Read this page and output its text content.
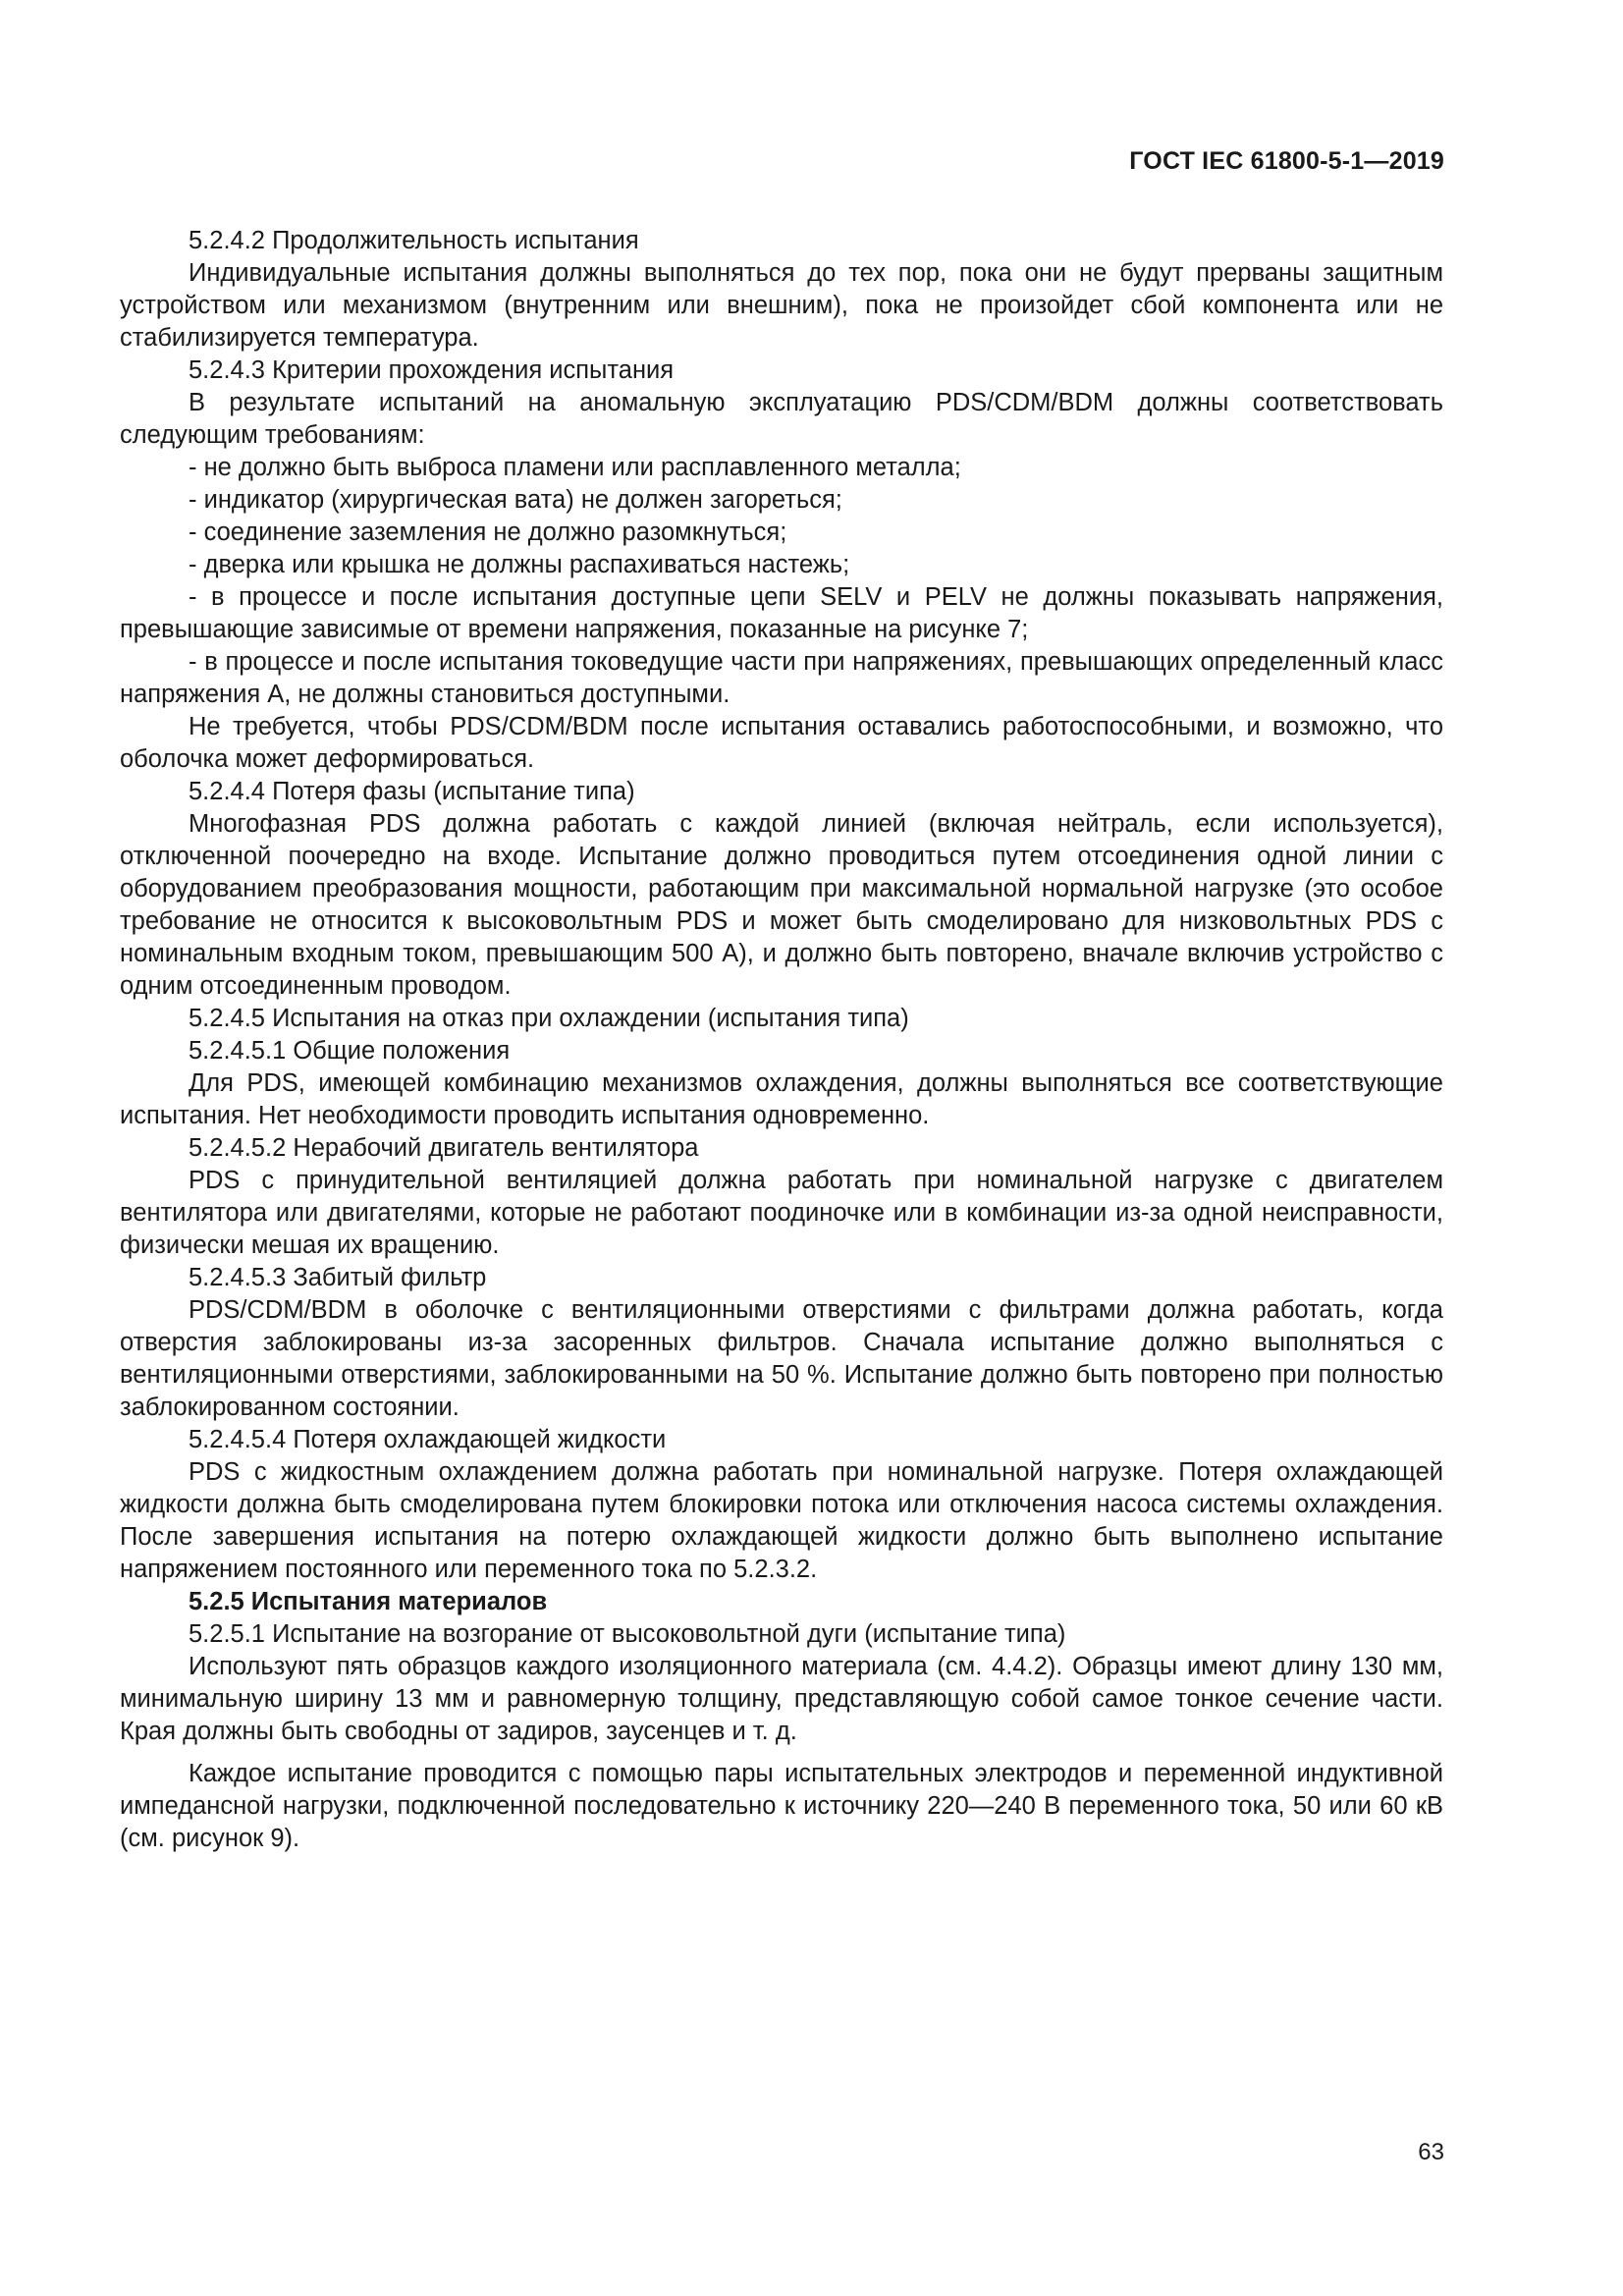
ГОСТ IEC 61800-5-1—2019

5.2.4.2 Продолжительность испытания

Индивидуальные испытания должны выполняться до тех пор, пока они не будут прерваны защитным устройством или механизмом (внутренним или внешним), пока не произойдет сбой компонента или не стабилизируется температура.

5.2.4.3 Критерии прохождения испытания

В результате испытаний на аномальную эксплуатацию PDS/CDM/BDM должны соответствовать следующим требованиям:

- не должно быть выброса пламени или расплавленного металла;

- индикатор (хирургическая вата) не должен загореться;

- соединение заземления не должно разомкнуться;

- дверка или крышка не должны распахиваться настежь;

- в процессе и после испытания доступные цепи SELV и PELV не должны показывать напряжения, превышающие зависимые от времени напряжения, показанные на рисунке 7;

- в процессе и после испытания токоведущие части при напряжениях, превышающих определенный класс напряжения А, не должны становиться доступными.

Не требуется, чтобы PDS/CDM/BDM после испытания оставались работоспособными, и возможно, что оболочка может деформироваться.

5.2.4.4 Потеря фазы (испытание типа)

Многофазная PDS должна работать с каждой линией (включая нейтраль, если используется), отключенной поочередно на входе. Испытание должно проводиться путем отсоединения одной линии с оборудованием преобразования мощности, работающим при максимальной нормальной нагрузке (это особое требование не относится к высоковольтным PDS и может быть смоделировано для низковольтных PDS с номинальным входным током, превышающим 500 А), и должно быть повторено, вначале включив устройство с одним отсоединенным проводом.

5.2.4.5 Испытания на отказ при охлаждении (испытания типа)

5.2.4.5.1 Общие положения

Для PDS, имеющей комбинацию механизмов охлаждения, должны выполняться все соответствующие испытания. Нет необходимости проводить испытания одновременно.

5.2.4.5.2 Нерабочий двигатель вентилятора

PDS с принудительной вентиляцией должна работать при номинальной нагрузке с двигателем вентилятора или двигателями, которые не работают поодиночке или в комбинации из-за одной неисправности, физически мешая их вращению.

5.2.4.5.3 Забитый фильтр

PDS/CDM/BDM в оболочке с вентиляционными отверстиями с фильтрами должна работать, когда отверстия заблокированы из-за засоренных фильтров. Сначала испытание должно выполняться с вентиляционными отверстиями, заблокированными на 50 %. Испытание должно быть повторено при полностью заблокированном состоянии.

5.2.4.5.4 Потеря охлаждающей жидкости

PDS с жидкостным охлаждением должна работать при номинальной нагрузке. Потеря охлаждающей жидкости должна быть смоделирована путем блокировки потока или отключения насоса системы охлаждения. После завершения испытания на потерю охлаждающей жидкости должно быть выполнено испытание напряжением постоянного или переменного тока по 5.2.3.2.

5.2.5 Испытания материалов

5.2.5.1 Испытание на возгорание от высоковольтной дуги (испытание типа)

Используют пять образцов каждого изоляционного материала (см. 4.4.2). Образцы имеют длину 130 мм, минимальную ширину 13 мм и равномерную толщину, представляющую собой самое тонкое сечение части. Края должны быть свободны от задиров, заусенцев и т. д.

Каждое испытание проводится с помощью пары испытательных электродов и переменной индуктивной импедансной нагрузки, подключенной последовательно к источнику 220—240 В переменного тока, 50 или 60 кВ (см. рисунок 9).

63
